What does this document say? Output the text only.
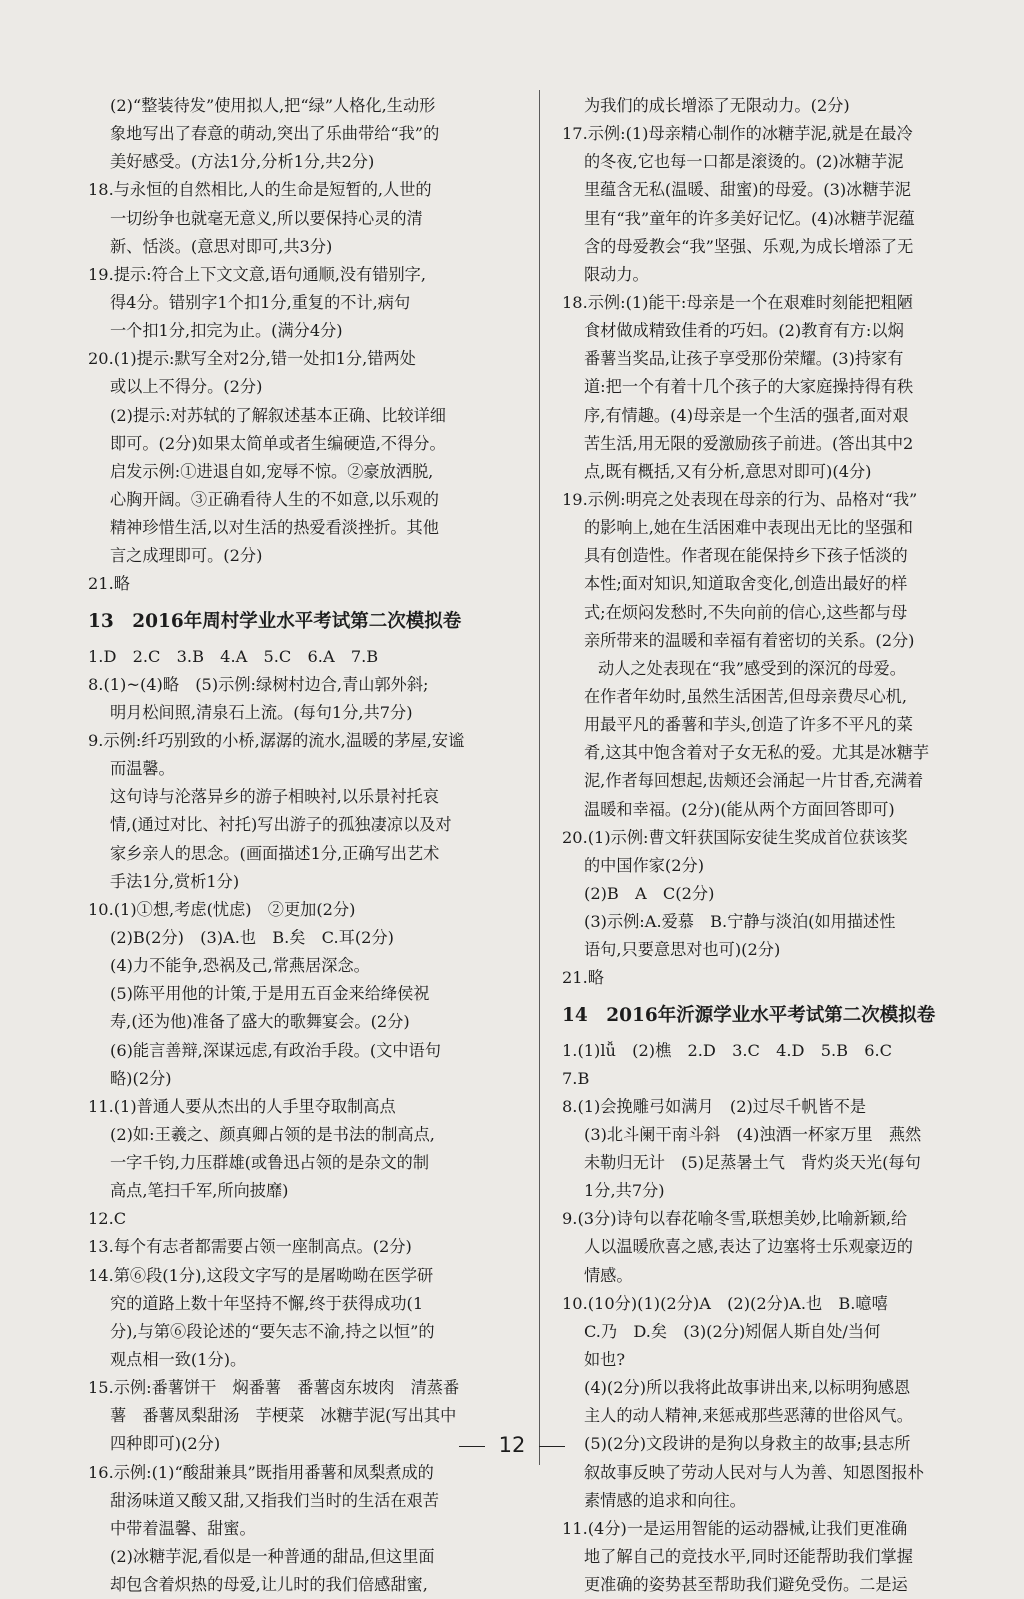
(2)“整装待发”使用拟人,把“绿”人格化,生动形
象地写出了春意的萌动,突出了乐曲带给“我”的
美好感受。(方法1分,分析1分,共2分)
18.与永恒的自然相比,人的生命是短暂的,人世的
一切纷争也就毫无意义,所以要保持心灵的清
新、恬淡。(意思对即可,共3分)
19.提示:符合上下文文意,语句通顺,没有错别字,
得4分。错别字1个扣1分,重复的不计,病句
一个扣1分,扣完为止。(满分4分)
20.(1)提示:默写全对2分,错一处扣1分,错两处
或以上不得分。(2分)
(2)提示:对苏轼的了解叙述基本正确、比较详细
即可。(2分)如果太简单或者生编硬造,不得分。
启发示例:①进退自如,宠辱不惊。②豪放洒脱,
心胸开阔。③正确看待人生的不如意,以乐观的
精神珍惜生活,以对生活的热爱看淡挫折。其他
言之成理即可。(2分)
21.略
13　2016年周村学业水平考试第二次模拟卷
1.D　2.C　3.B　4.A　5.C　6.A　7.B
8.(1)~(4)略　(5)示例:绿树村边合,青山郭外斜;
明月松间照,清泉石上流。(每句1分,共7分)
9.示例:纤巧别致的小桥,潺潺的流水,温暖的茅屋,安谧
而温馨。
这句诗与沦落异乡的游子相映衬,以乐景衬托哀
情,(通过对比、衬托)写出游子的孤独凄凉以及对
家乡亲人的思念。(画面描述1分,正确写出艺术
手法1分,赏析1分)
10.(1)①想,考虑(忧虑)　②更加(2分)
(2)B(2分)　(3)A.也　B.矣　C.耳(2分)
(4)力不能争,恐祸及己,常燕居深念。
(5)陈平用他的计策,于是用五百金来给绛侯祝
寿,(还为他)准备了盛大的歌舞宴会。(2分)
(6)能言善辩,深谋远虑,有政治手段。(文中语句
略)(2分)
11.(1)普通人要从杰出的人手里夺取制高点
(2)如:王羲之、颜真卿占领的是书法的制高点,
一字千钧,力压群雄(或鲁迅占领的是杂文的制
高点,笔扫千军,所向披靡)
12.C
13.每个有志者都需要占领一座制高点。(2分)
14.第⑥段(1分),这段文字写的是屠呦呦在医学研
究的道路上数十年坚持不懈,终于获得成功(1
分),与第⑥段论述的“要矢志不渝,持之以恒”的
观点相一致(1分)。
15.示例:番薯饼干　焖番薯　番薯卤东坡肉　清蒸番
薯　番薯凤梨甜汤　芋梗菜　冰糖芋泥(写出其中
四种即可)(2分)
16.示例:(1)“酸甜兼具”既指用番薯和凤梨煮成的
甜汤味道又酸又甜,又指我们当时的生活在艰苦
中带着温馨、甜蜜。
(2)冰糖芋泥,看似是一种普通的甜品,但这里面
却包含着炽热的母爱,让儿时的我们倍感甜蜜,
为我们的成长增添了无限动力。(2分)
17.示例:(1)母亲精心制作的冰糖芋泥,就是在最冷
的冬夜,它也每一口都是滚烫的。(2)冰糖芋泥
里蕴含无私(温暖、甜蜜)的母爱。(3)冰糖芋泥
里有“我”童年的许多美好记忆。(4)冰糖芋泥蕴
含的母爱教会“我”坚强、乐观,为成长增添了无
限动力。
18.示例:(1)能干:母亲是一个在艰难时刻能把粗陋
食材做成精致佳肴的巧妇。(2)教育有方:以焖
番薯当奖品,让孩子享受那份荣耀。(3)持家有
道:把一个有着十几个孩子的大家庭操持得有秩
序,有情趣。(4)母亲是一个生活的强者,面对艰
苦生活,用无限的爱激励孩子前进。(答出其中2
点,既有概括,又有分析,意思对即可)(4分)
19.示例:明亮之处表现在母亲的行为、品格对“我”
的影响上,她在生活困难中表现出无比的坚强和
具有创造性。作者现在能保持乡下孩子恬淡的
本性;面对知识,知道取舍变化,创造出最好的样
式;在烦闷发愁时,不失向前的信心,这些都与母
亲所带来的温暖和幸福有着密切的关系。(2分)
动人之处表现在“我”感受到的深沉的母爱。
在作者年幼时,虽然生活困苦,但母亲费尽心机,
用最平凡的番薯和芋头,创造了许多不平凡的菜
肴,这其中饱含着对子女无私的爱。尤其是冰糖芋
泥,作者每回想起,齿颊还会涌起一片甘香,充满着
温暖和幸福。(2分)(能从两个方面回答即可)
20.(1)示例:曹文轩获国际安徒生奖成首位获该奖
的中国作家(2分)
(2)B　A　C(2分)
(3)示例:A.爱慕　B.宁静与淡泊(如用描述性
语句,只要意思对也可)(2分)
21.略
14　2016年沂源学业水平考试第二次模拟卷
1.(1)lǚ　(2)樵　2.D　3.C　4.D　5.B　6.C
7.B
8.(1)会挽雕弓如满月　(2)过尽千帆皆不是
(3)北斗阑干南斗斜　(4)浊酒一杯家万里　燕然
未勒归无计　(5)足蒸暑土气　背灼炎天光(每句
1分,共7分)
9.(3分)诗句以春花喻冬雪,联想美妙,比喻新颖,给
人以温暖欣喜之感,表达了边塞将士乐观豪迈的
情感。
10.(10分)(1)(2分)A　(2)(2分)A.也　B.噫嘻
C.乃　D.矣　(3)(2分)矧倨人斯自处/当何
如也?
(4)(2分)所以我将此故事讲出来,以标明狗感恩
主人的动人精神,来惩戒那些恶薄的世俗风气。
(5)(2分)文段讲的是狗以身救主的故事;县志所
叙故事反映了劳动人民对与人为善、知恩图报朴
素情感的追求和向往。
11.(4分)一是运用智能的运动器械,让我们更准确
地了解自己的竞技水平,同时还能帮助我们掌握
更准确的姿势甚至帮助我们避免受伤。二是运
12
